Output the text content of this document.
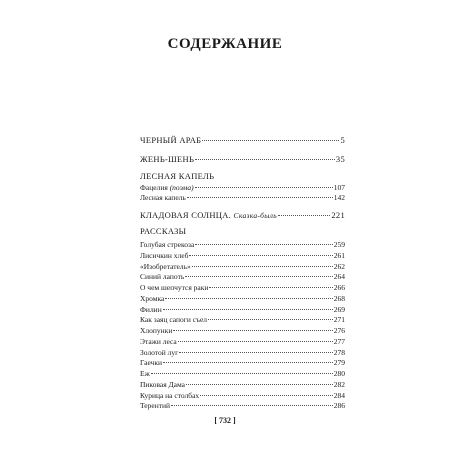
СОДЕРЖАНИЕ
ЧЕРНЫЙ АРАБ	5
ЖЕНЬ-ШЕНЬ	35
ЛЕСНАЯ КАПЕЛЬ
Фацелия (поэма)	107
Лесная капель	142
КЛАДОВАЯ СОЛНЦА. Сказка-быль	221
РАССКАЗЫ
Голубая стрекоза	259
Лисичкин хлеб	261
«Изобретатель»	262
Синий лапоть	264
О чем шепчутся раки	266
Хромка	268
Филин	269
Как заяц сапоги съел	271
Хлопунки	276
Этажи леса	277
Золотой луг	278
Гаечки	279
Еж	280
Пиковая Дама	282
Курица на столбах	284
Терентий	286
[ 732 ]
